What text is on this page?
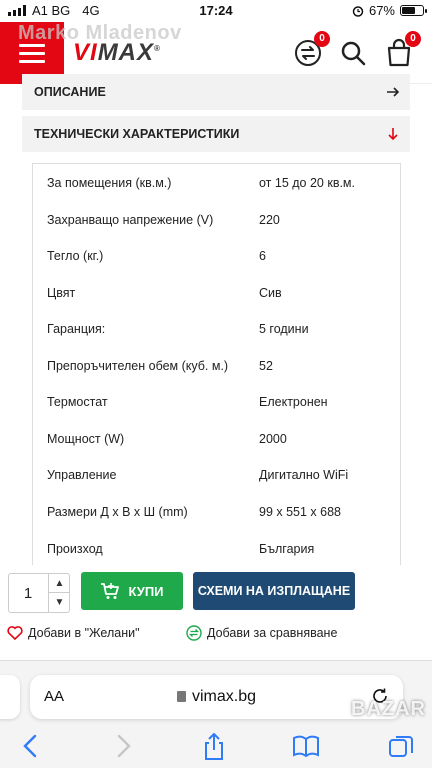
A1 BG 4G	17:24	67%
VIMAX®
0	0
Marko Mladenov
ОПИСАНИЕ
ТЕХНИЧЕСКИ ХАРАКТЕРИСТИКИ
За помещения (кв.м.)	от 15 до 20 кв.м.
Захранващо напрежение (V)	220
Тегло (кг.)	6
Цвят	Сив
Гаранция:	5 години
Препоръчителен обем (куб. м.) 52
Термостат	Електронен
Мощност (W)	2000
Управление	Дигитално WiFi
Размери Д х В х Ш (mm)	99 x 551 x 688
Произход	България
1
▲
▼
КУПИ	СХЕМИ НА ИЗПЛАЩАНЕ
Добави в "Желани"	Добави за сравняване
AA	vimax.bg
BAZAR
